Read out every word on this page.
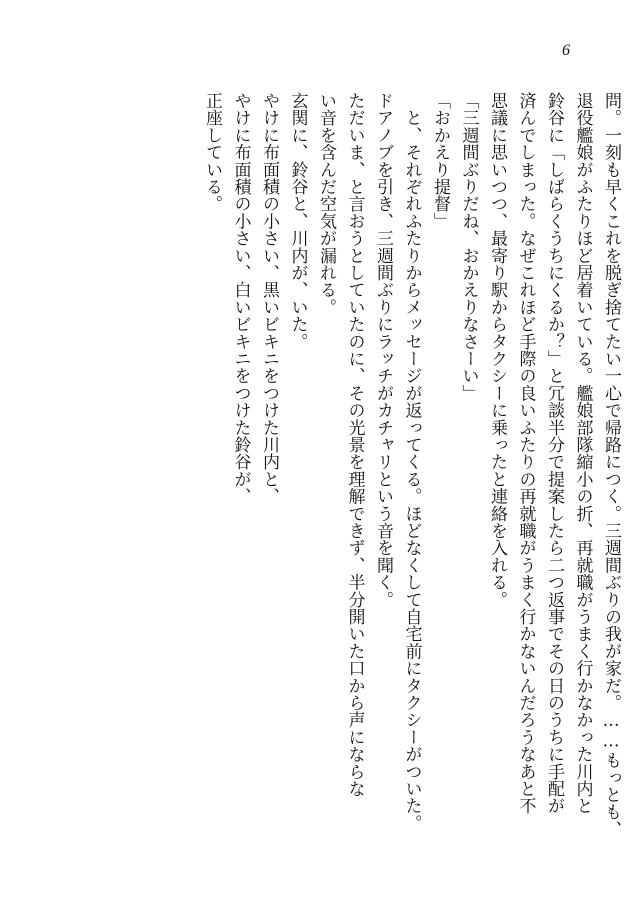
6
問。一刻も早くこれを脱ぎ捨てたい一心で帰路につく。三週間ぶりの我が家だ。……もっとも、
退役艦娘がふたりほど居着いている。艦娘部隊縮小の折、再就職がうまく行かなかった川内と
鈴谷に「しばらくうちにくるか？」と冗談半分で提案したら二つ返事でその日のうちに手配が
済んでしまった。なぜこれほど手際の良いふたりの再就職がうまく行かないんだろうなあと不
思議に思いつつ、最寄り駅からタクシーに乗ったと連絡を入れる。
「三週間ぶりだね、おかえりなさーい」
「おかえり提督」
　と、それぞれふたりからメッセージが返ってくる。ほどなくして自宅前にタクシーがついた。
ドアノブを引き、三週間ぶりにラッチがカチャリという音を聞く。
ただいま、と言おうとしていたのに、その光景を理解できず、半分開いた口から声にならな
い音を含んだ空気が漏れる。
玄関に、鈴谷と、川内が、いた。
やけに布面積の小さい、黒いビキニをつけた川内と、
やけに布面積の小さい、白いビキニをつけた鈴谷が、
正座している。
